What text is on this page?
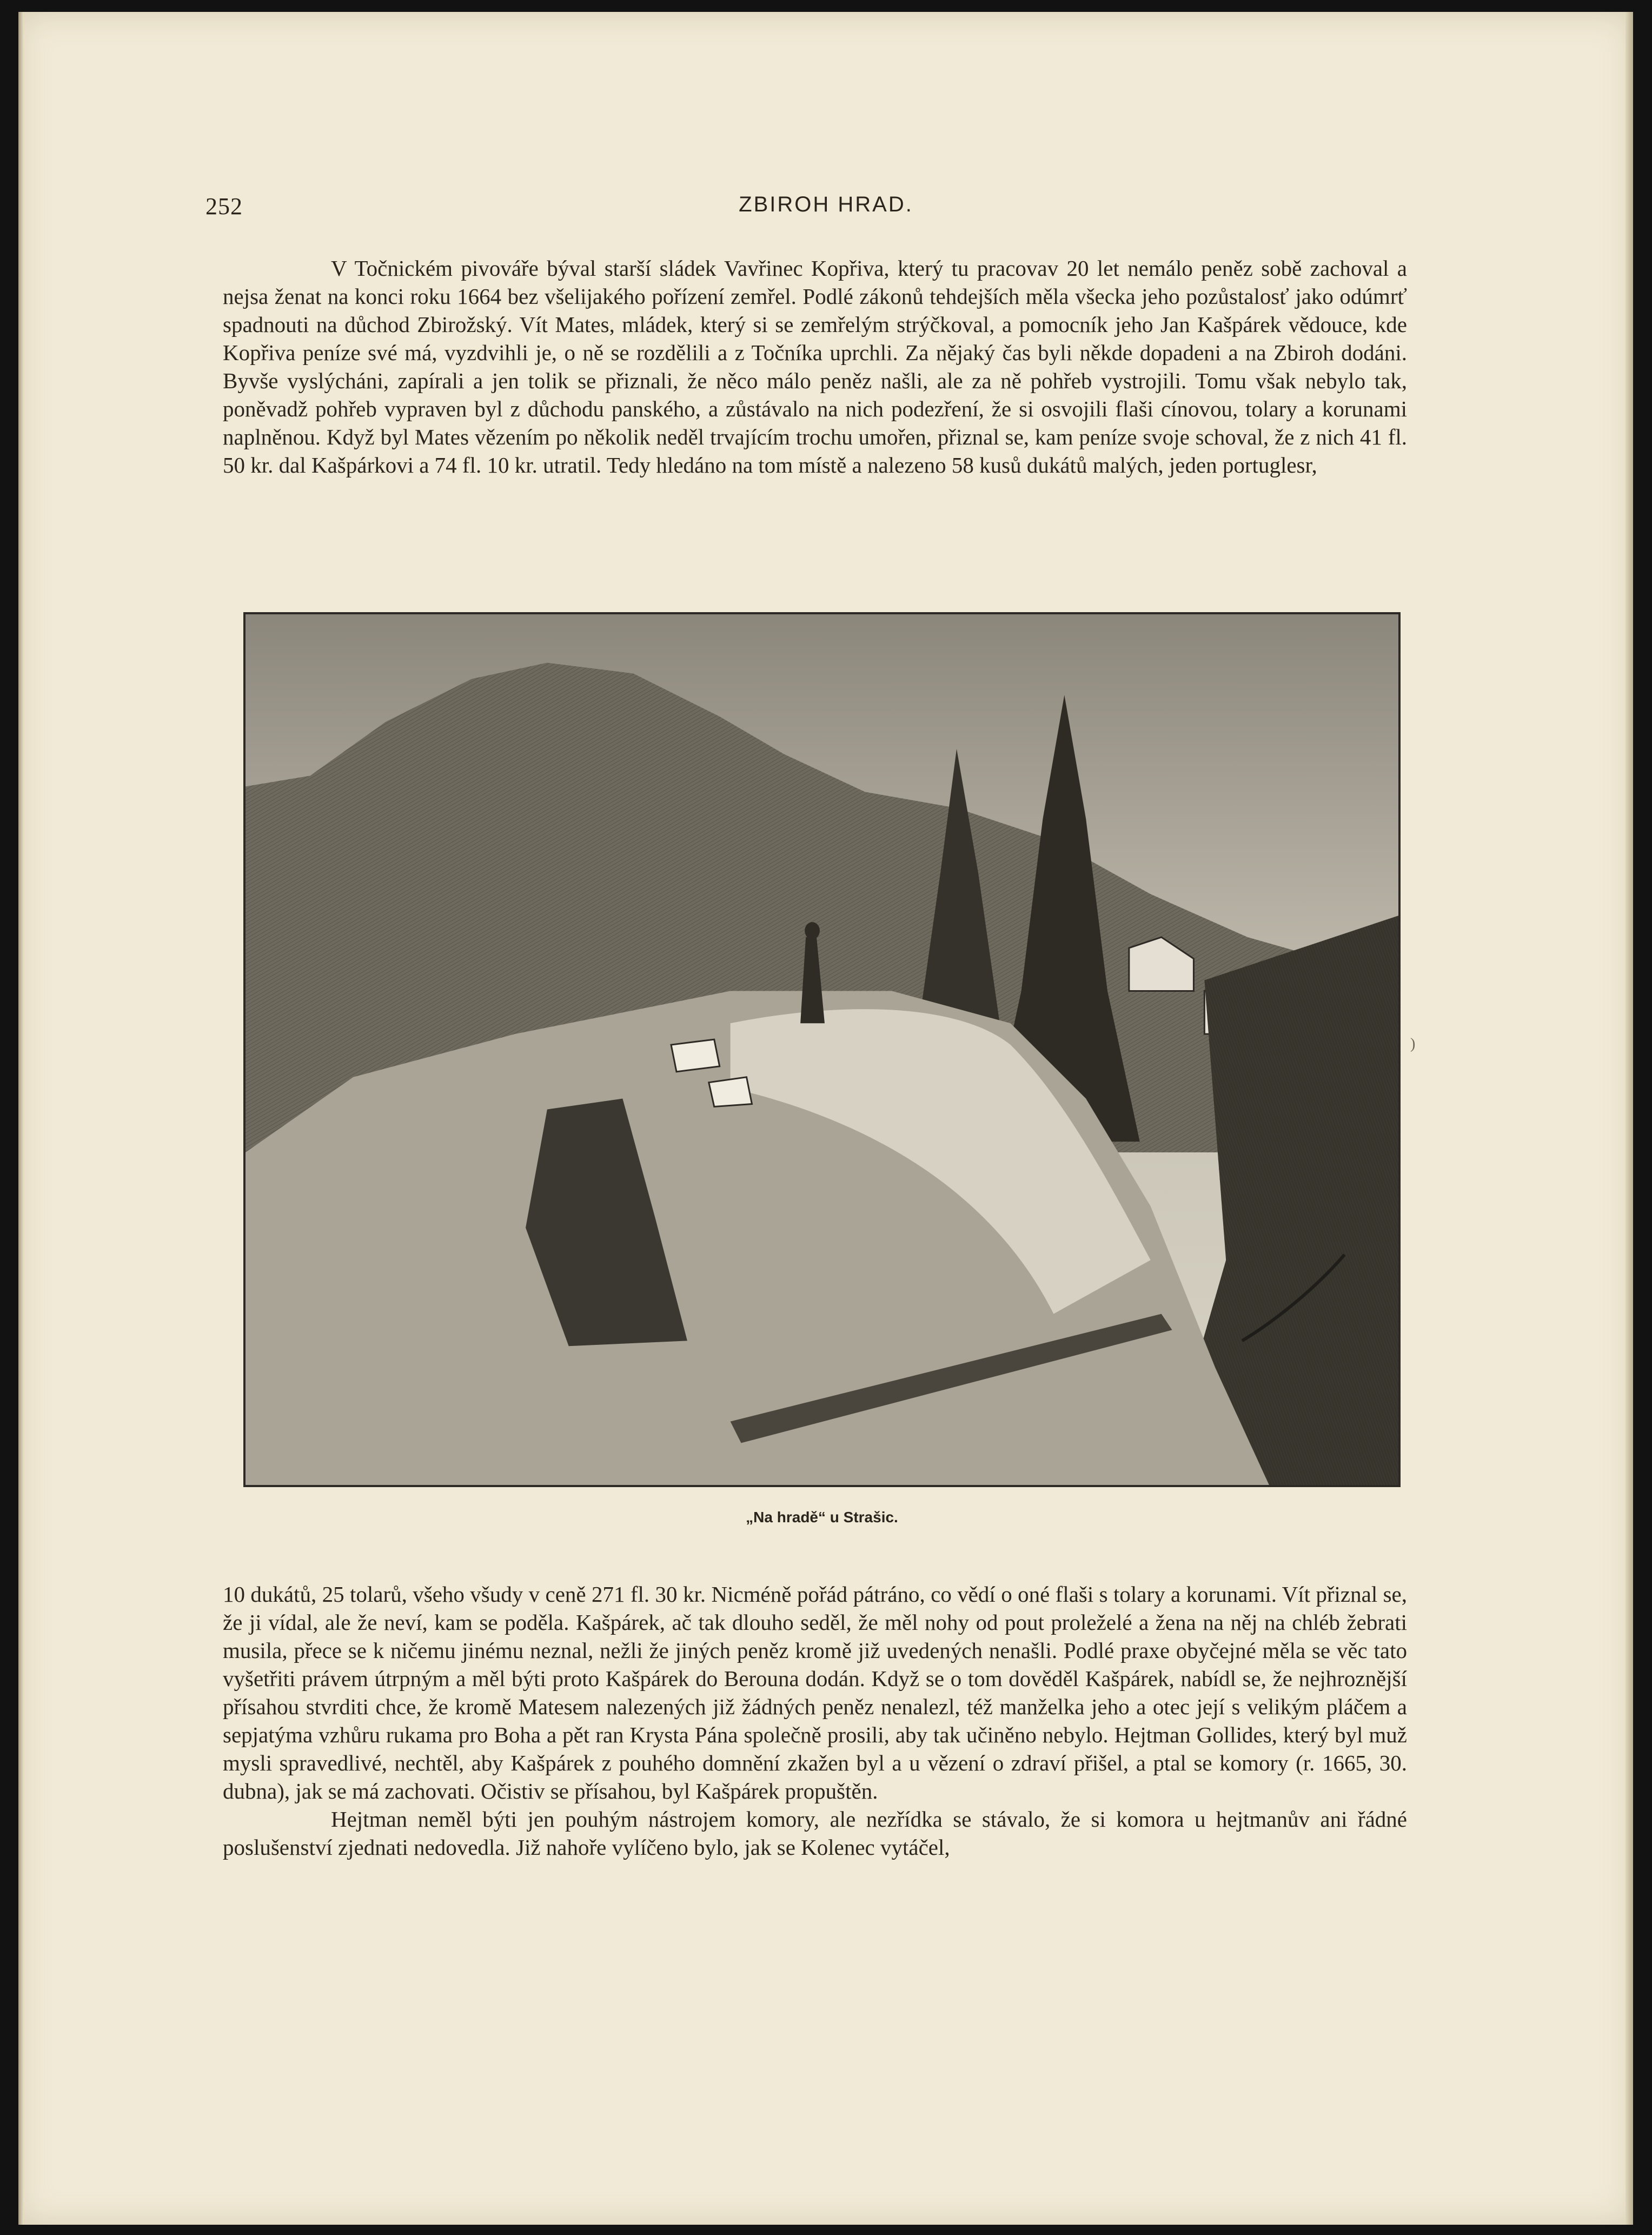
252	ZBIROH HRAD.

V Točnickém pivováře býval starší sládek Vavřinec Kopřiva, který tu pracovav 20 let nemálo peněz sobě zachoval a nejsa ženat na konci roku 1664 bez všelijakého pořízení zemřel. Podlé zákonů tehdejších měla všecka jeho pozůstalosť jako odúmrť spadnouti na důchod Zbirožský. Vít Mates, mládek, který si se zemřelým strýčkoval, a pomocník jeho Jan Kašpárek vědouce, kde Kopřiva peníze své má, vyzdvihli je, o ně se rozdělili a z Točníka uprchli. Za nějaký čas byli někde dopadeni a na Zbiroh dodáni. Byvše vyslýcháni, zapírali a jen tolik se přiznali, že něco málo peněz našli, ale za ně pohřeb vystrojili. Tomu však nebylo tak, poněvadž pohřeb vypraven byl z důchodu panského, a zůstávalo na nich podezření, že si osvojili flaši cínovou, tolary a korunami naplněnou. Když byl Mates vězením po několik neděl trvajícím trochu umořen, přiznal se, kam peníze svoje schoval, že z nich 41 fl. 50 kr. dal Kašpárkovi a 74 fl. 10 kr. utratil. Tedy hledáno na tom místě a nalezeno 58 kusů dukátů malých, jeden portuglesr,

„Na hradě“ u Strašic.

10 dukátů, 25 tolarů, všeho všudy v ceně 271 fl. 30 kr. Nicméně pořád pátráno, co vědí o oné flaši s tolary a korunami. Vít přiznal se, že ji vídal, ale že neví, kam se poděla. Kašpárek, ač tak dlouho seděl, že měl nohy od pout proleželé a žena na něj na chléb žebrati musila, přece se k ničemu jinému neznal, nežli že jiných peněz kromě již uvedených nenašli. Podlé praxe obyčejné měla se věc tato vyšetřiti právem útrpným a měl býti proto Kašpárek do Berouna dodán. Když se o tom dověděl Kašpárek, nabídl se, že nejhroznější přísahou stvrditi chce, že kromě Matesem nalezených již žádných peněz nenalezl, též manželka jeho a otec její s velikým pláčem a sepjatýma vzhůru rukama pro Boha a pět ran Krysta Pána společně prosili, aby tak učiněno nebylo. Hejtman Gollides, který byl muž mysli spravedlivé, nechtěl, aby Kašpárek z pouhého domnění zkažen byl a u vězení o zdraví přišel, a ptal se komory (r. 1665, 30. dubna), jak se má zachovati. Očistiv se přísahou, byl Kašpárek propuštěn.

Hejtman neměl býti jen pouhým nástrojem komory, ale nezřídka se stávalo, že si komora u hejtmanův ani řádné poslušenství zjednati nedovedla. Již nahoře vylíčeno bylo, jak se Kolenec vytáčel,

)
